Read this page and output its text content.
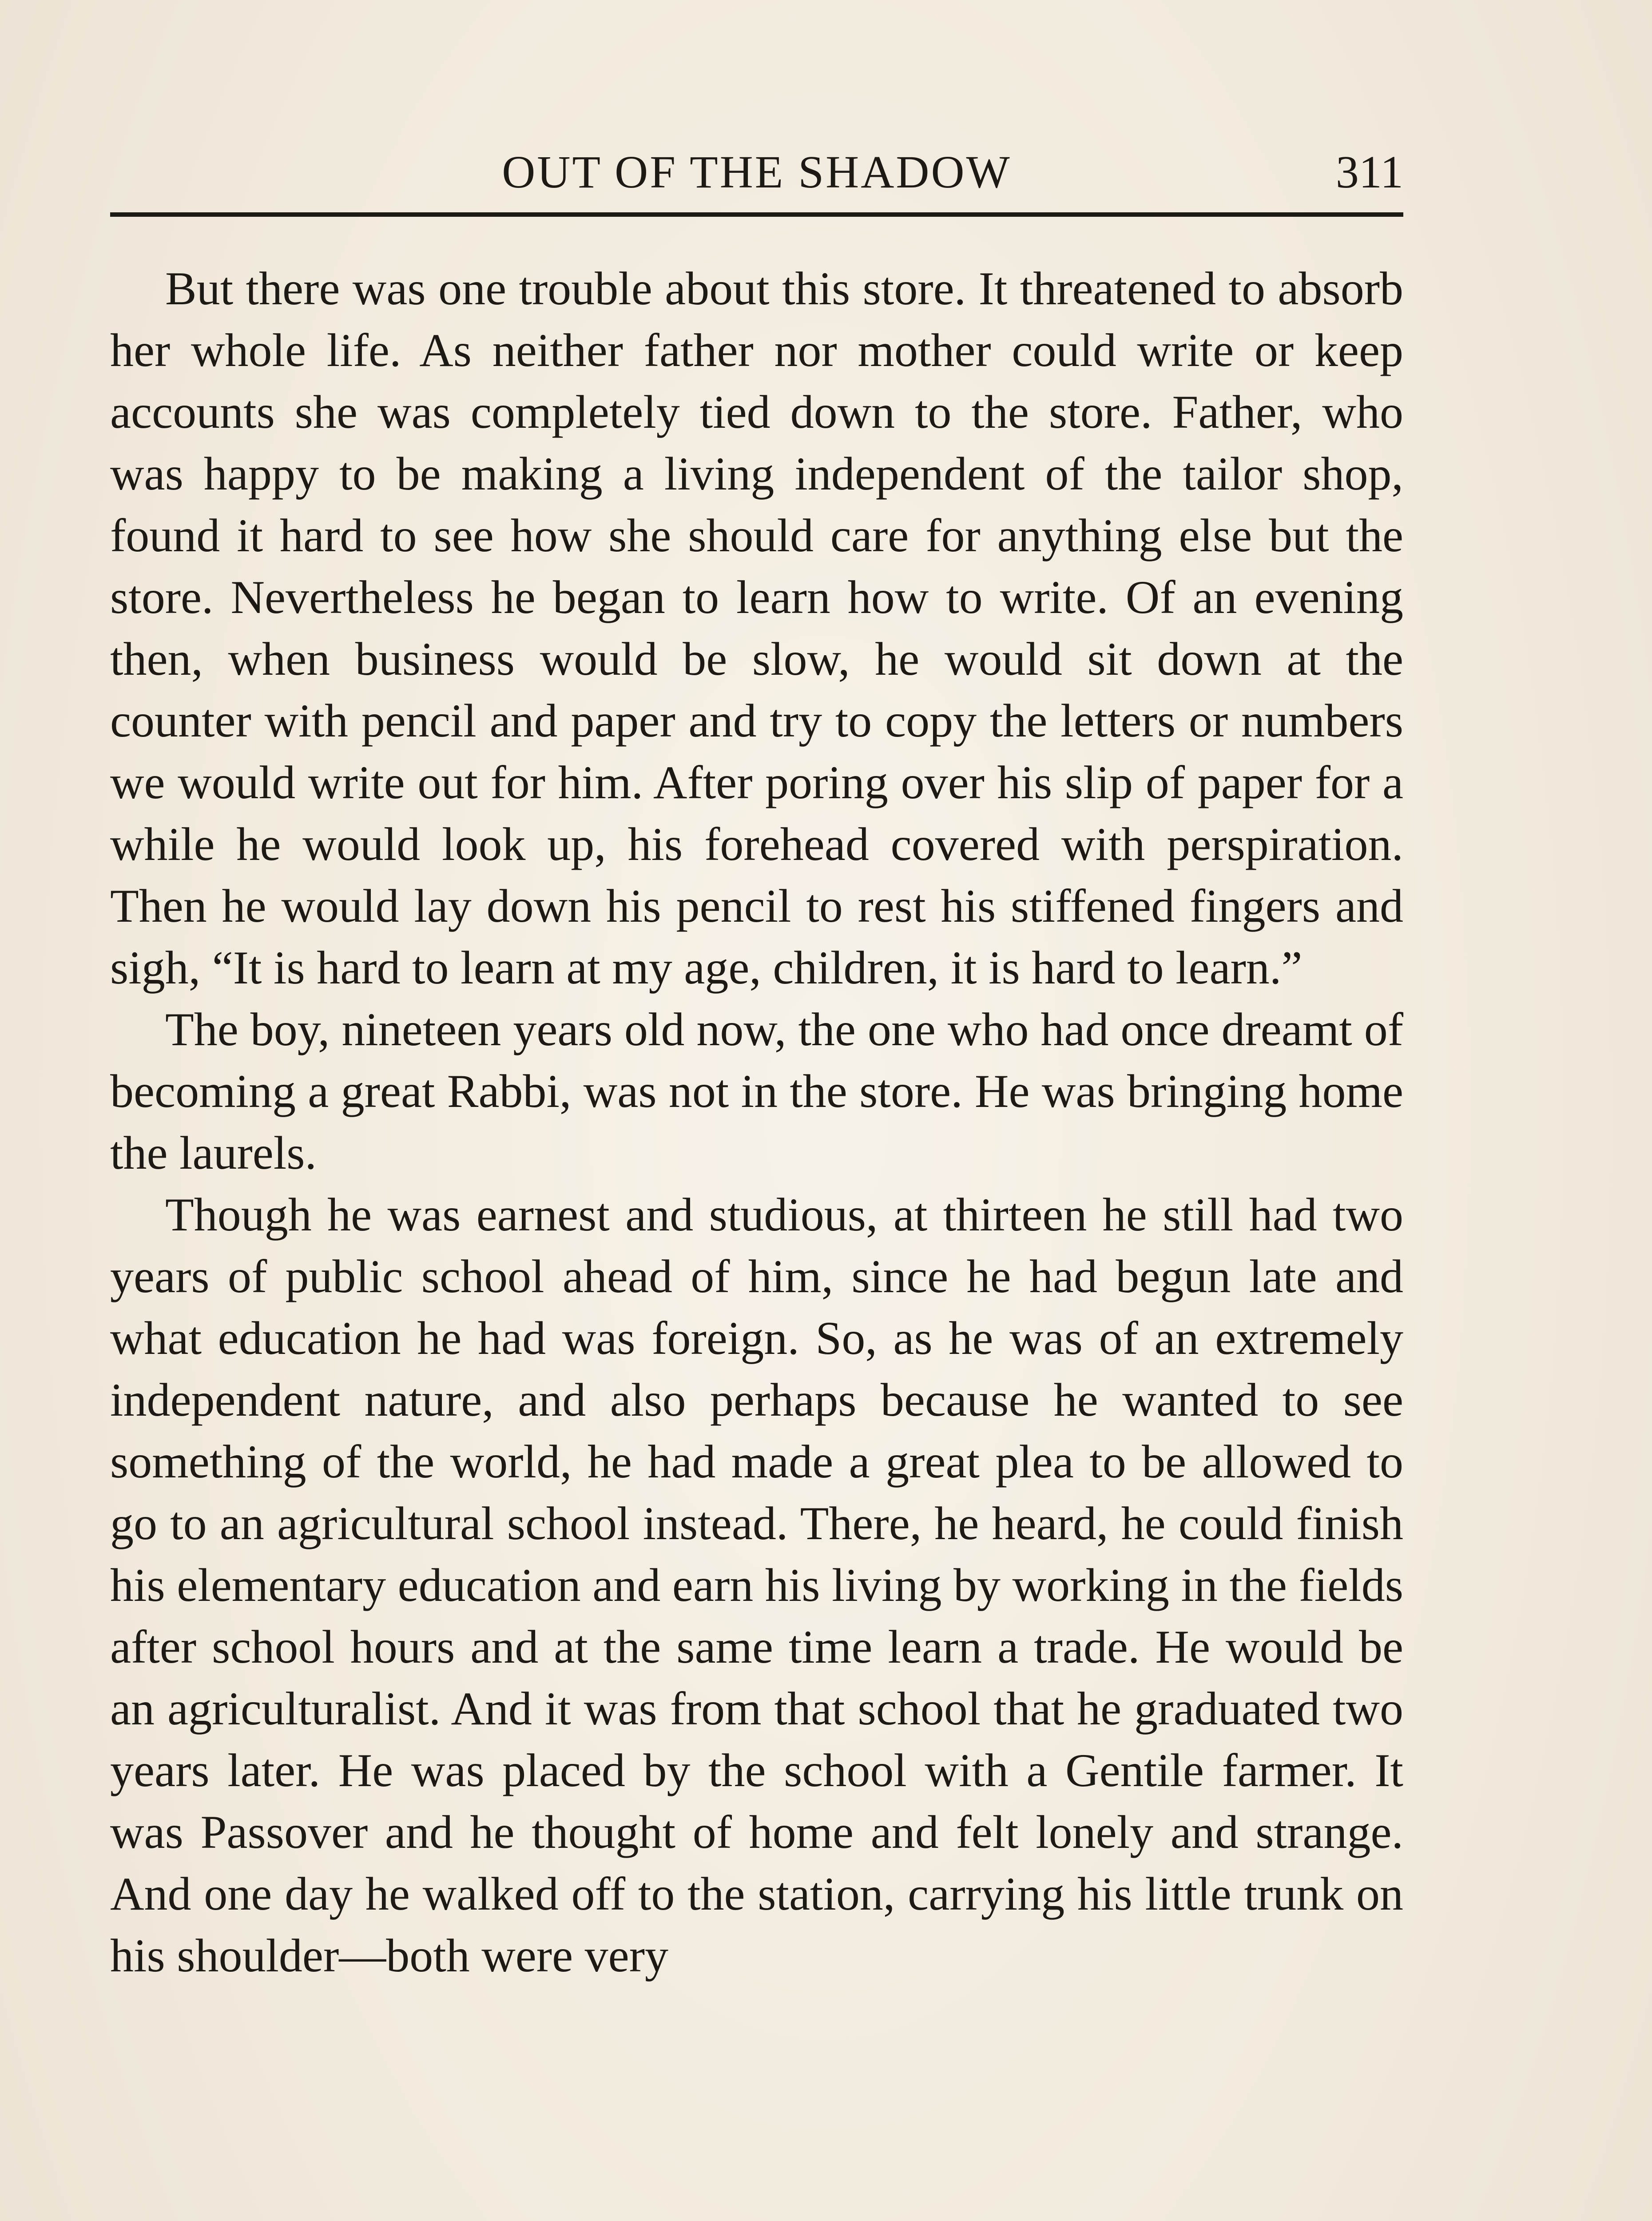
OUT OF THE SHADOW	311

But there was one trouble about this store. It threatened to absorb her whole life. As neither father nor mother could write or keep accounts she was completely tied down to the store. Father, who was happy to be making a living independent of the tailor shop, found it hard to see how she should care for anything else but the store. Nevertheless he began to learn how to write. Of an evening then, when business would be slow, he would sit down at the counter with pencil and paper and try to copy the letters or numbers we would write out for him. After poring over his slip of paper for a while he would look up, his forehead covered with perspiration. Then he would lay down his pencil to rest his stiffened fingers and sigh, “It is hard to learn at my age, children, it is hard to learn.”

The boy, nineteen years old now, the one who had once dreamt of becoming a great Rabbi, was not in the store. He was bringing home the laurels.

Though he was earnest and studious, at thirteen he still had two years of public school ahead of him, since he had begun late and what education he had was foreign. So, as he was of an extremely independent nature, and also perhaps because he wanted to see something of the world, he had made a great plea to be allowed to go to an agricultural school instead. There, he heard, he could finish his elementary education and earn his living by working in the fields after school hours and at the same time learn a trade. He would be an agriculturalist. And it was from that school that he graduated two years later. He was placed by the school with a Gentile farmer. It was Passover and he thought of home and felt lonely and strange. And one day he walked off to the station, carrying his little trunk on his shoulder—both were very
